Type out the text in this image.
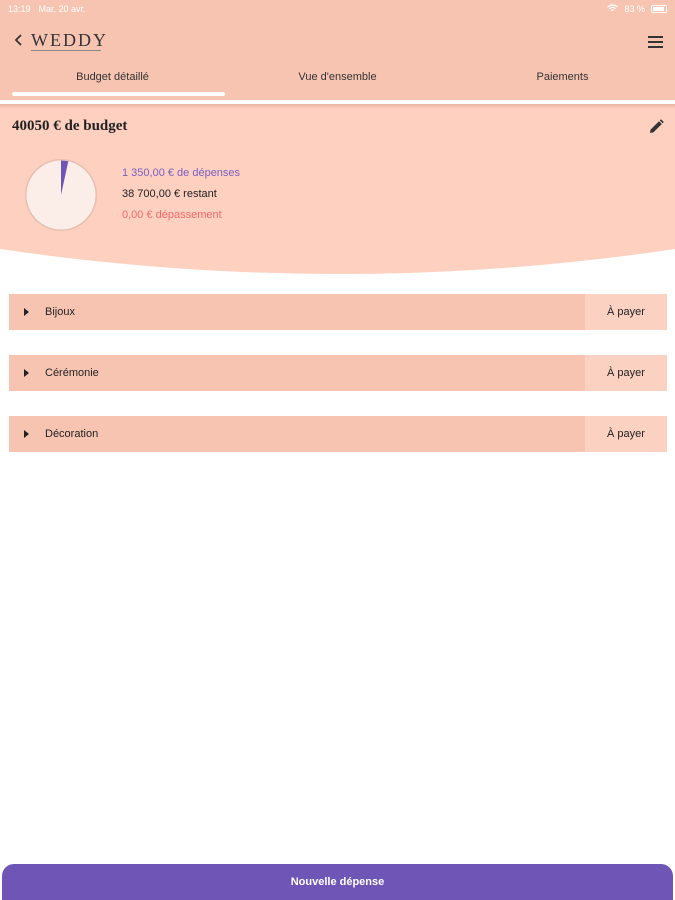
13:19 Mar. 20 avr.	83 %
WEDDY
Budget détaillé	Vue d'ensemble	Paiements
40050 € de budget
1 350,00 € de dépenses
38 700,00 € restant
0,00 € dépassement
Bijoux	À payer
Cérémonie	À payer
Décoration	À payer
Nouvelle dépense
